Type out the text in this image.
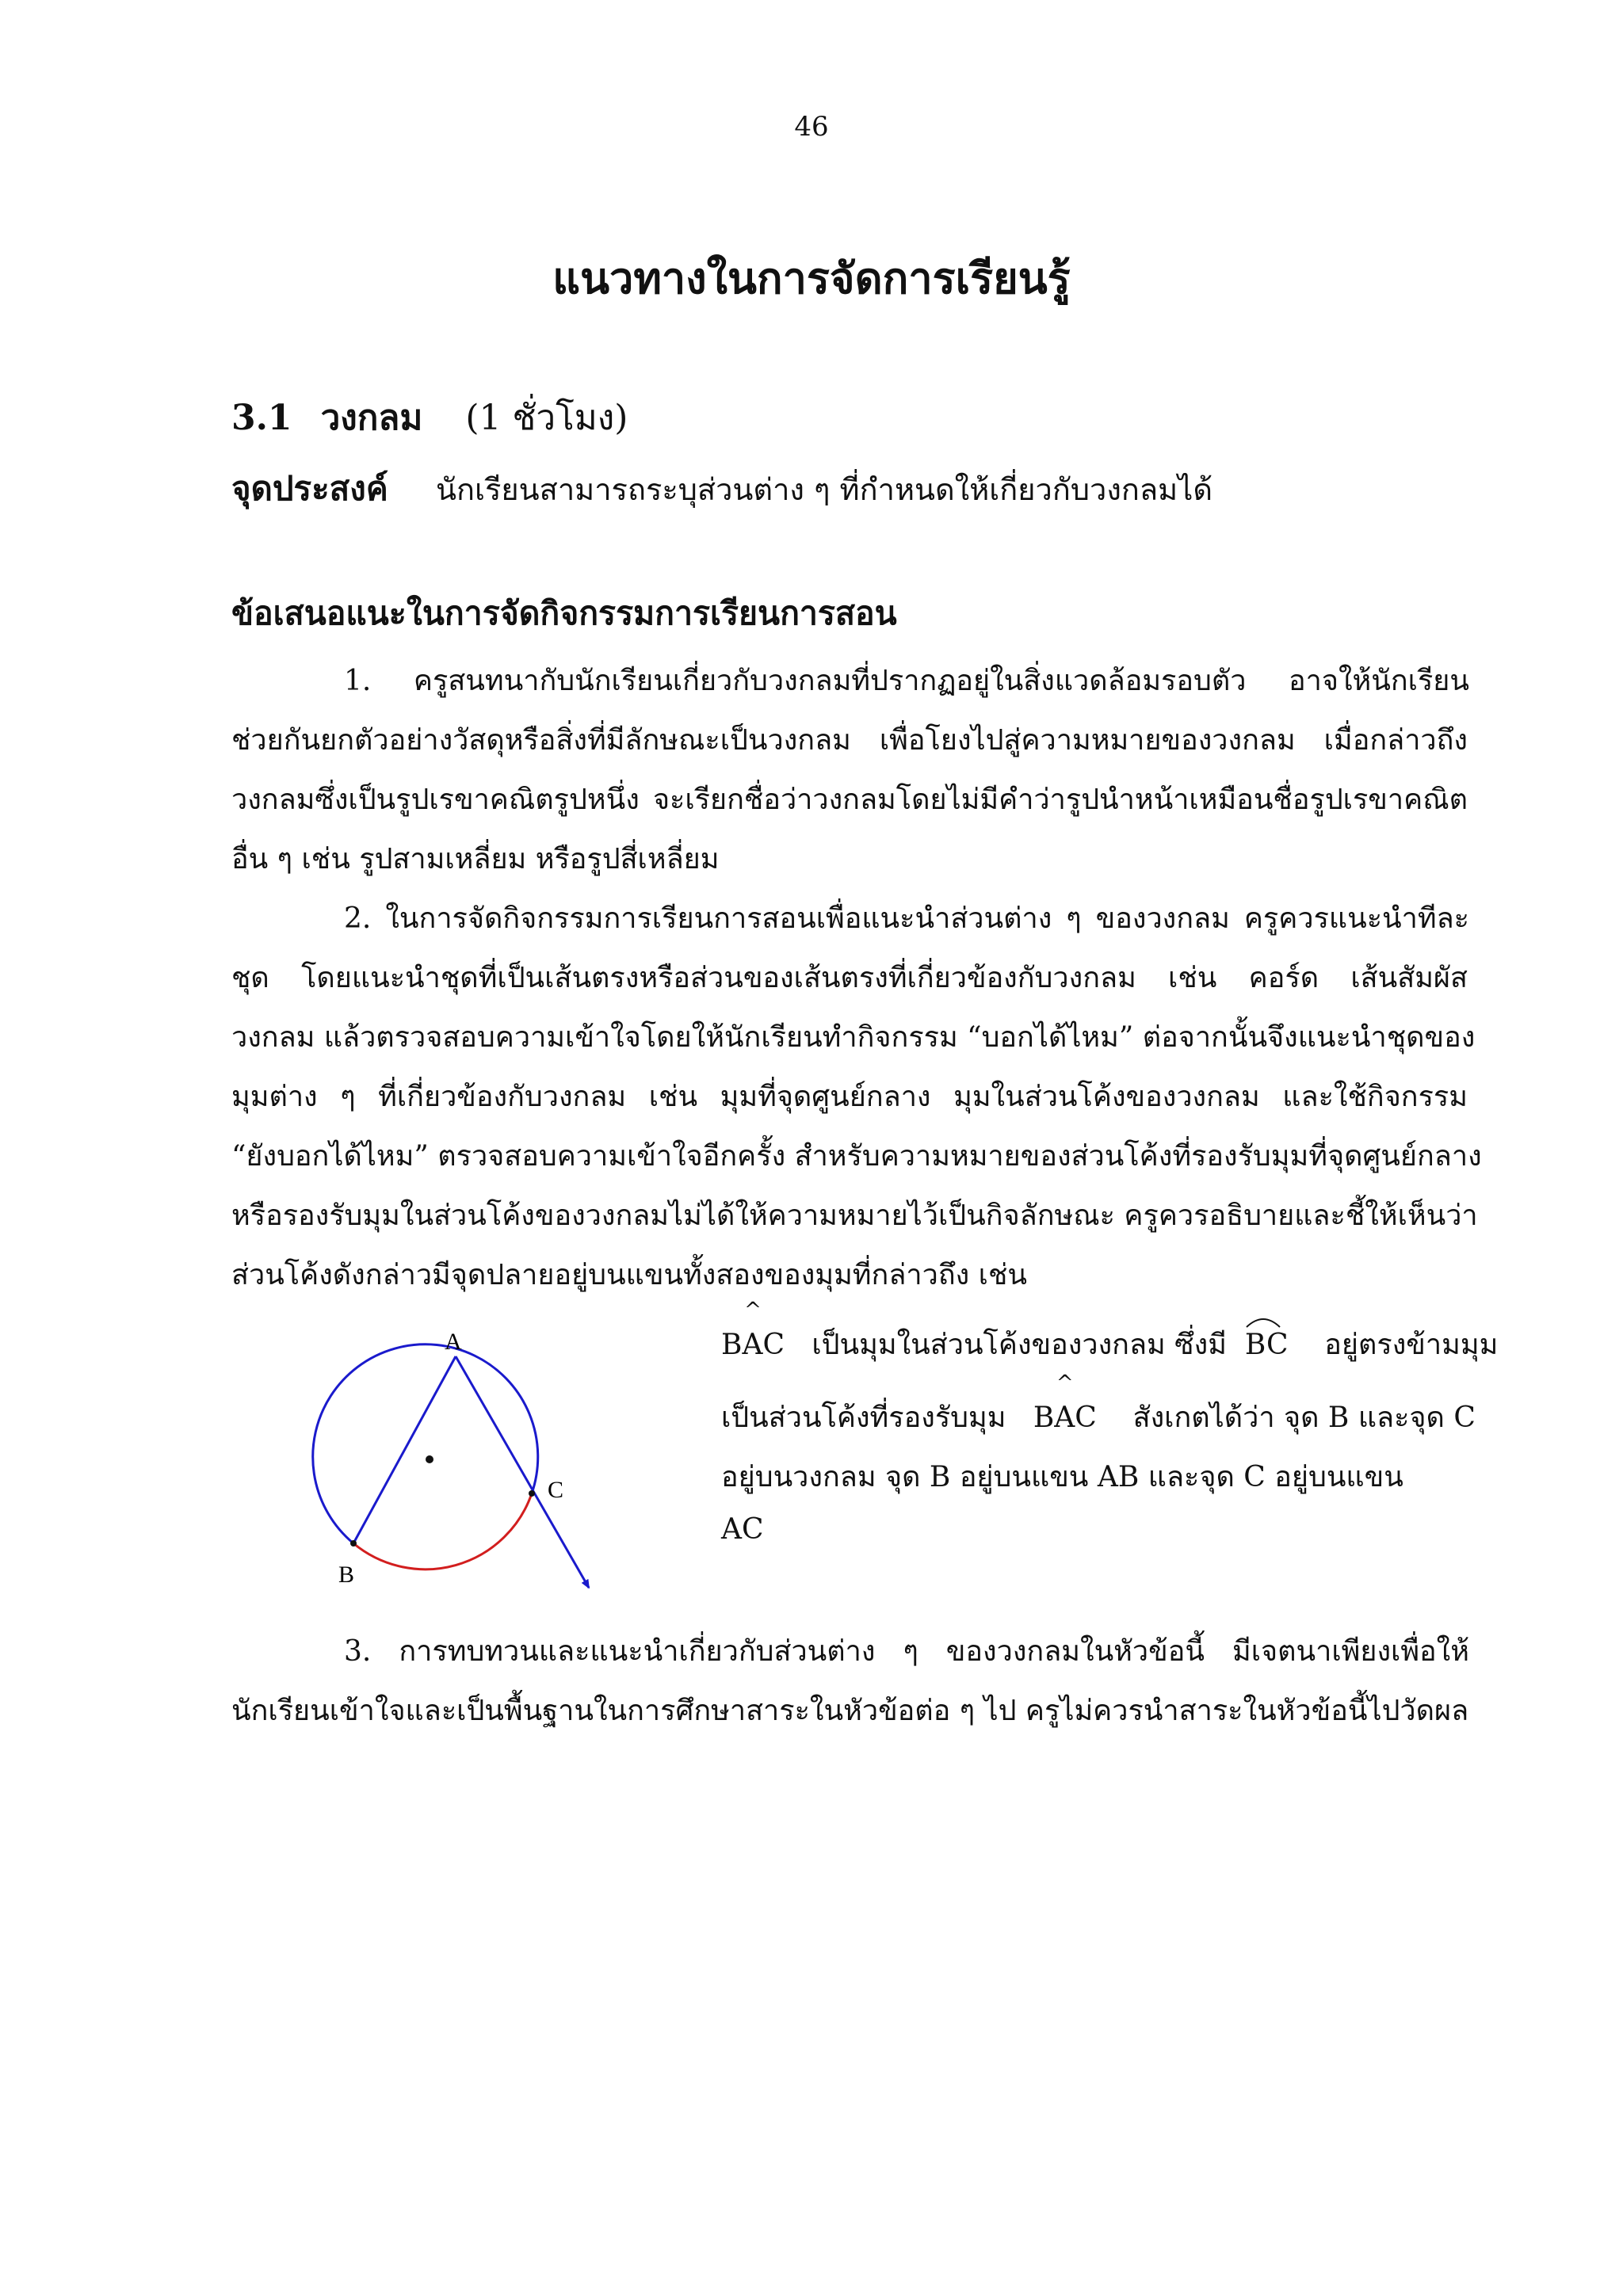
46
แนวทางในการจัดการเรียนรู้
3.1 วงกลม (1 ชั่วโมง)
จุดประสงค์ นักเรียนสามารถระบุส่วนต่าง ๆ ที่กำหนดให้เกี่ยวกับวงกลมได้
ข้อเสนอแนะในการจัดกิจกรรมการเรียนการสอน
1. ครูสนทนากับนักเรียนเกี่ยวกับวงกลมที่ปรากฏอยู่ในสิ่งแวดล้อมรอบตัว อาจให้นักเรียน
ช่วยกันยกตัวอย่างวัสดุหรือสิ่งที่มีลักษณะเป็นวงกลม เพื่อโยงไปสู่ความหมายของวงกลม เมื่อกล่าวถึง
วงกลมซึ่งเป็นรูปเรขาคณิตรูปหนึ่ง จะเรียกชื่อว่าวงกลมโดยไม่มีคำว่ารูปนำหน้าเหมือนชื่อรูปเรขาคณิต
อื่น ๆ เช่น รูปสามเหลี่ยม หรือรูปสี่เหลี่ยม
2. ในการจัดกิจกรรมการเรียนการสอนเพื่อแนะนำส่วนต่าง ๆ ของวงกลม ครูควรแนะนำทีละ
ชุด โดยแนะนำชุดที่เป็นเส้นตรงหรือส่วนของเส้นตรงที่เกี่ยวข้องกับวงกลม เช่น คอร์ด เส้นสัมผัส
วงกลม แล้วตรวจสอบความเข้าใจโดยให้นักเรียนทำกิจกรรม “บอกได้ไหม” ต่อจากนั้นจึงแนะนำชุดของ
มุมต่าง ๆ ที่เกี่ยวข้องกับวงกลม เช่น มุมที่จุดศูนย์กลาง มุมในส่วนโค้งของวงกลม และใช้กิจกรรม
“ยังบอกได้ไหม” ตรวจสอบความเข้าใจอีกครั้ง สำหรับความหมายของส่วนโค้งที่รองรับมุมที่จุดศูนย์กลาง
หรือรองรับมุมในส่วนโค้งของวงกลมไม่ได้ให้ความหมายไว้เป็นกิจลักษณะ ครูควรอธิบายและชี้ให้เห็นว่า
ส่วนโค้งดังกล่าวมีจุดปลายอยู่บนแขนทั้งสองของมุมที่กล่าวถึง เช่น
A
B
C
BAC
^
เป็นมุมในส่วนโค้งของวงกลม ซึ่งมี BC อยู่ตรงข้ามมุม
เป็นส่วนโค้งที่รองรับมุม BAC
^
สังเกตได้ว่า จุด B และจุด C
อยู่บนวงกลม จุด B อยู่บนแขน AB และจุด C อยู่บนแขน
AC
3. การทบทวนและแนะนำเกี่ยวกับส่วนต่าง ๆ ของวงกลมในหัวข้อนี้ มีเจตนาเพียงเพื่อให้
นักเรียนเข้าใจและเป็นพื้นฐานในการศึกษาสาระในหัวข้อต่อ ๆ ไป ครูไม่ควรนำสาระในหัวข้อนี้ไปวัดผล
